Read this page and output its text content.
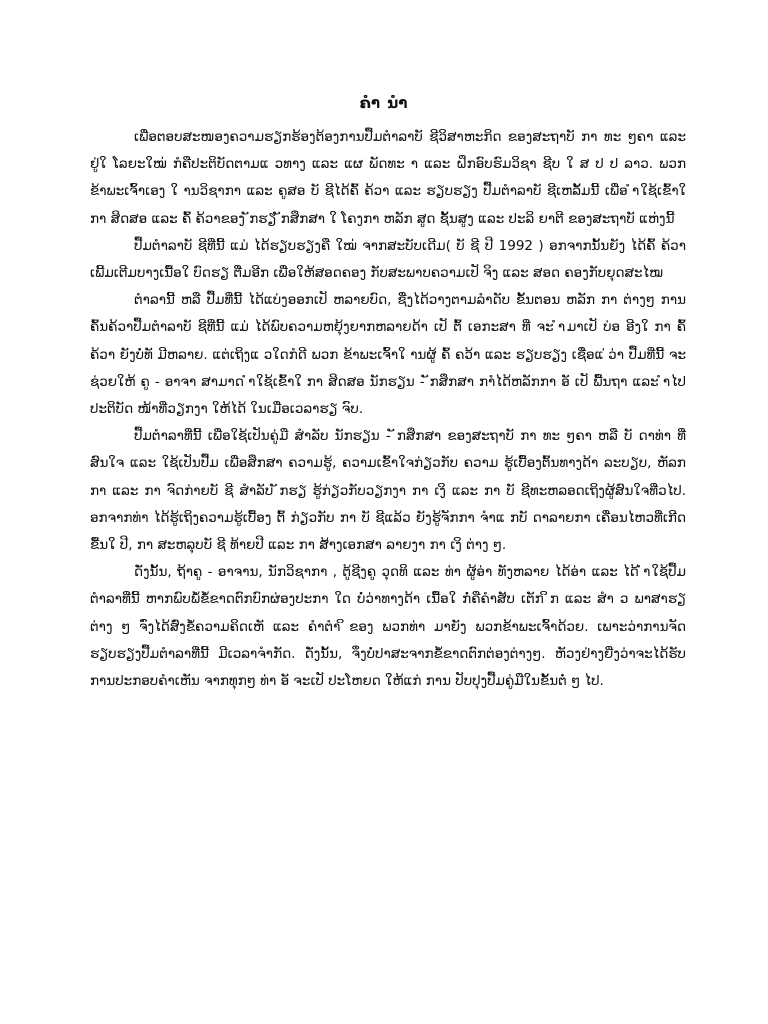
ຄຳ ນຳ

ເພື່ອຕອບສະໜອງຄວາມຮຽກຮ້ອງຕ້ອງການປື້ມຕຳລາບັ ຊີວິສາຫະກິດ ຂອງສະຖາບັ ກາ ທະ ໆຄາ ແລະ ຢູ່ໃ ໂລຍະໃໝ່ ກໍຄືປະຕິບັດຕາມແ ວທາງ ແລະ ແຜ ພັດທະ າ ແລະ ຝຶກອົບຮົມວິຊາ ຊີບ ໃ ສ ປ ປ ລາວ. ພວກຂ້າພະເຈົ້າເອງ ໃ ານວິຊາກາ ແລະ ຄູສອ ບັ ຊີໄດ້ຄົ້ ຄ້ວາ ແລະ ຮຽບຮຽງ ປື້ມຕຳລາບັ ຊີເຫລັ້ມນີ້ ເພື່ອ ຳໃຊ້ເຂົ້າໃ ກາ ສິດສອ ແລະ ຄົ້ ຄ້ວາຂອງ ັກຮຽ ັກສຶກສາ ໃ ໂຄງກາ ຫລັກ ສູດ ຊັ້ນສູງ ແລະ ປະລິ ຍາຕີ ຂອງສະຖາບັ ແຫ່ງນີ້

ປື້ມຕຳລາບັ ຊີທີ່ນີ້ ແມ່ ໄດ້ຮຽບຮຽງຄື ໃໝ່ ຈາກສະບັບເດີມ( ບັ ຊີ ປີ 1992 ) ອກຈາກນັ້ນຍັງ ໄດ້ຄົ້ ຄ້ວາເພີ້ມເຕີມບາງເນື້ອໃ ບົດຮຽ ຕື່ມອີກ ເພື່ອໃຫ້ສອດຄອງ ກັບສະພາບຄວາມເປັ ຈິງ ແລະ ສອດ ຄອງກັບຍຸດສະໄໝ

ຕຳລານີ້ ຫລື ປື້ມທີ່ນີ້ ໄດ້ແບ່ງອອກເປັ ຫລາຍບົດ, ຊື່ງໄດ້ວາງຕາມລຳດັບ ຂັ້ນຕອນ ຫລັກ ກາ ຕ່າງໆ ການຄົ້ນຄ້ວາປື້ມຕຳລາບັ ຊີທີ່ນີ້ ແມ່ ໄດ້ພົບຄວາມຫຍຸ້ງຍາກຫລາຍດ້າ ເປັ ຕົ້ ເອກະສາ ທີ່ ຈະ ຳມາເປັ ບ່ອ ອີງໃ ກາ ຄົ້ ຄ້ວາ ຍັງບໍ່ທັ ມີຫລາຍ. ແຕ່ເຖິງແ ວໃດກໍດີ ພວກ ຂ້າພະເຈົ້າໃ ານຜູ້ ຄົ້ ຄວ້າ ແລະ ຮຽບຮຽງ ເຊື່ອແ ່ວ່າ ປື້ມທີ່ນີ້ ຈະຊ່ວຍໃຫ້ ຄູ - ອາຈາ ສາມາດ ຳໃຊ້ເຂົ້າໃ ກາ ສິດສອ ນັກຮຽນ - ັກສຶກສາ ກາໍໄດ້ຫລັກກາ ອັ ເປັ ພື້ນຖາ ແລະ ຳໄປປະຕິບັດ ໜ້າທີ່ວຽກງາ ໃຫ້ໄດ້ ໃນເມື່ອເວລາຮຽ ຈົບ.

ປື້ມຕຳລາທີ່ນີ້ ເພື່ອໃຊ້ເປັນຄູ່ມື ສຳລັບ ນັກຮຽນ - ັກສຶກສາ ຂອງສະຖາບັ ກາ ທະ ໆຄາ ຫລື ບັ ດາທ່າ ທີ່ສົນໃຈ ແລະ ໃຊ້ເປັນປື້ມ ເພື່ອສຶກສາ ຄວາມຮູ້, ຄວາມເຂົ້າໃຈກ່ຽວກັບ ຄວາມ ຮູ້ເບື້ອງຕົ້ນທາງດ້າ ລະບຽບ, ຫັລກກາ ແລະ ກາ ຈົດກ່າຍບັ ຊີ ສຳລັບ ັກຮຽ ຮູ້ກ່ຽວກັບວຽກງາ ກາ ເງິ ແລະ ກາ ບັ ຊີທະຫລອດເຖິງຜູ້ສົນໃຈທີ່ວໄປ. ອກຈາກທ່າ ໄດ້ຮູ້ເຖິງຄວາມຮູ້ເບື້ອງ ຕົ້ ກ່ຽວກັບ ກາ ບັ ຊີແລ້ວ ຍັງຮູ້ຈັກກາ ຈຳແ ກບັ ດາລາຍກາ ເຄື່ອນໄຫວທີ່ເກີດຂື້ນໃ ປີ, ກາ ສະຫລຸບບັ ຊີ ທ້າຍປີ ແລະ ກາ ສ້າງເອກສາ ລາຍງາ ກາ ເງິ ຕ່າງ ໆ.

ດັ່ງນັ້ນ, ຖ້າຄູ - ອາຈານ, ນັກວິຊາກາ , ຕູ້ຊີງຄູ ວຸດທິ ແລະ ທ່າ ຜູ້ອ່າ ທັງຫລາຍ ໄດ້ອ່າ ແລະ ໄດ້ ຳໃຊ້ປື້ມຕຳລາທີ່ນີ້ ຫາກພົບພໍ້ຂໍ້ຂາດຕົກບົກຜ່ອງປະກາ ໃດ ບໍ່ວ່າທາງດ້າ ເນື້ອໃ ກໍ່ຄືຄຳສັບ ເຕັກ ິກ ແລະ ສຳ ວ ພາສາຮຽ ຕ່າງ ໆ ຈົ່ງໄດ້ສົ່ງຂໍ້ຄວາມຄິດເຫັ ແລະ ຄຳຕຳ ິຂອງ ພວກທ່າ ມາຍັງ ພວກຂ້າພະເຈົ້າດ້ວຍ. ເພາະວ່າການຈັດຮຽບຮຽງປື້ມຕຳລາທີ່ນີ້ ມີເວລາຈຳກັດ. ດັ່ງນັ້ນ, ຈຶ່ງບໍ່ປາສະຈາກຂໍ້ຂາດຕົກຕ່ອງຕ່າງໆ. ຫັວງຢ່າງຍີ່ງວ່າຈະໄດ້ຮັບ ການປະກອບຄຳເຫັນ ຈາກທຸກໆ ທ່າ ອັ ຈະເປັ ປະໂຫຍດ ໃຫ້ແກ່ ການ ປັບປຸງປື້ມຄູ່ມືໃນຂັ້ນຕໍ່ ໆ ໄປ.
